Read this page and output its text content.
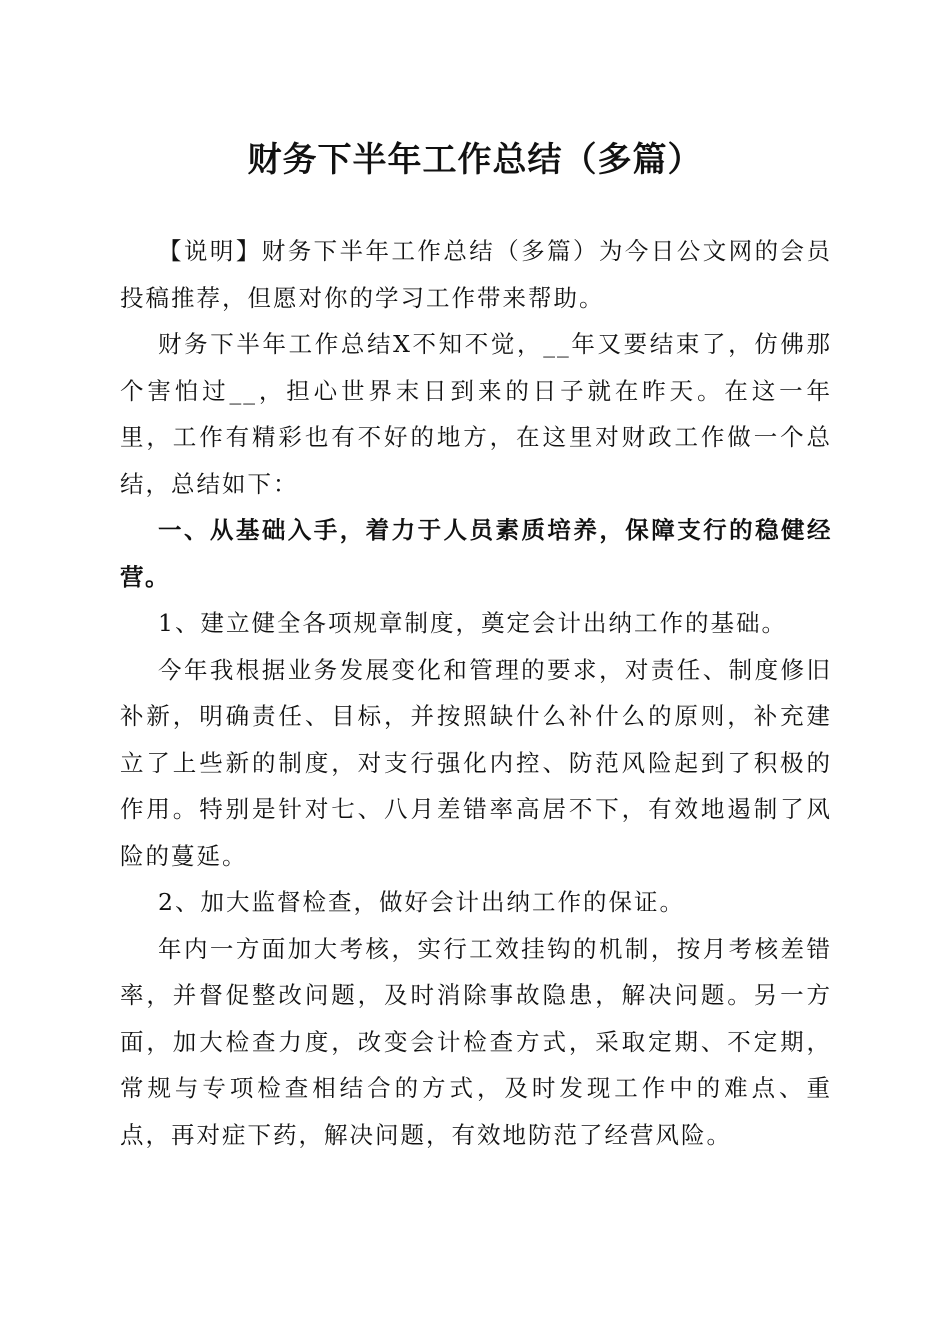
财务下半年工作总结（多篇）

【说明】财务下半年工作总结（多篇）为今日公文网的会员投稿推荐，但愿对你的学习工作带来帮助。

财务下半年工作总结X不知不觉，__年又要结束了，仿佛那个害怕过__，担心世界末日到来的日子就在昨天。在这一年里，工作有精彩也有不好的地方，在这里对财政工作做一个总结，总结如下：

一、从基础入手，着力于人员素质培养，保障支行的稳健经营。

1、建立健全各项规章制度，奠定会计出纳工作的基础。

今年我根据业务发展变化和管理的要求，对责任、制度修旧补新，明确责任、目标，并按照缺什么补什么的原则，补充建立了上些新的制度，对支行强化内控、防范风险起到了积极的作用。特别是针对七、八月差错率高居不下，有效地遏制了风险的蔓延。

2、加大监督检查，做好会计出纳工作的保证。

年内一方面加大考核，实行工效挂钩的机制，按月考核差错率，并督促整改问题，及时消除事故隐患，解决问题。另一方面，加大检查力度，改变会计检查方式，采取定期、不定期，常规与专项检查相结合的方式，及时发现工作中的难点、重点，再对症下药，解决问题，有效地防范了经营风险。
